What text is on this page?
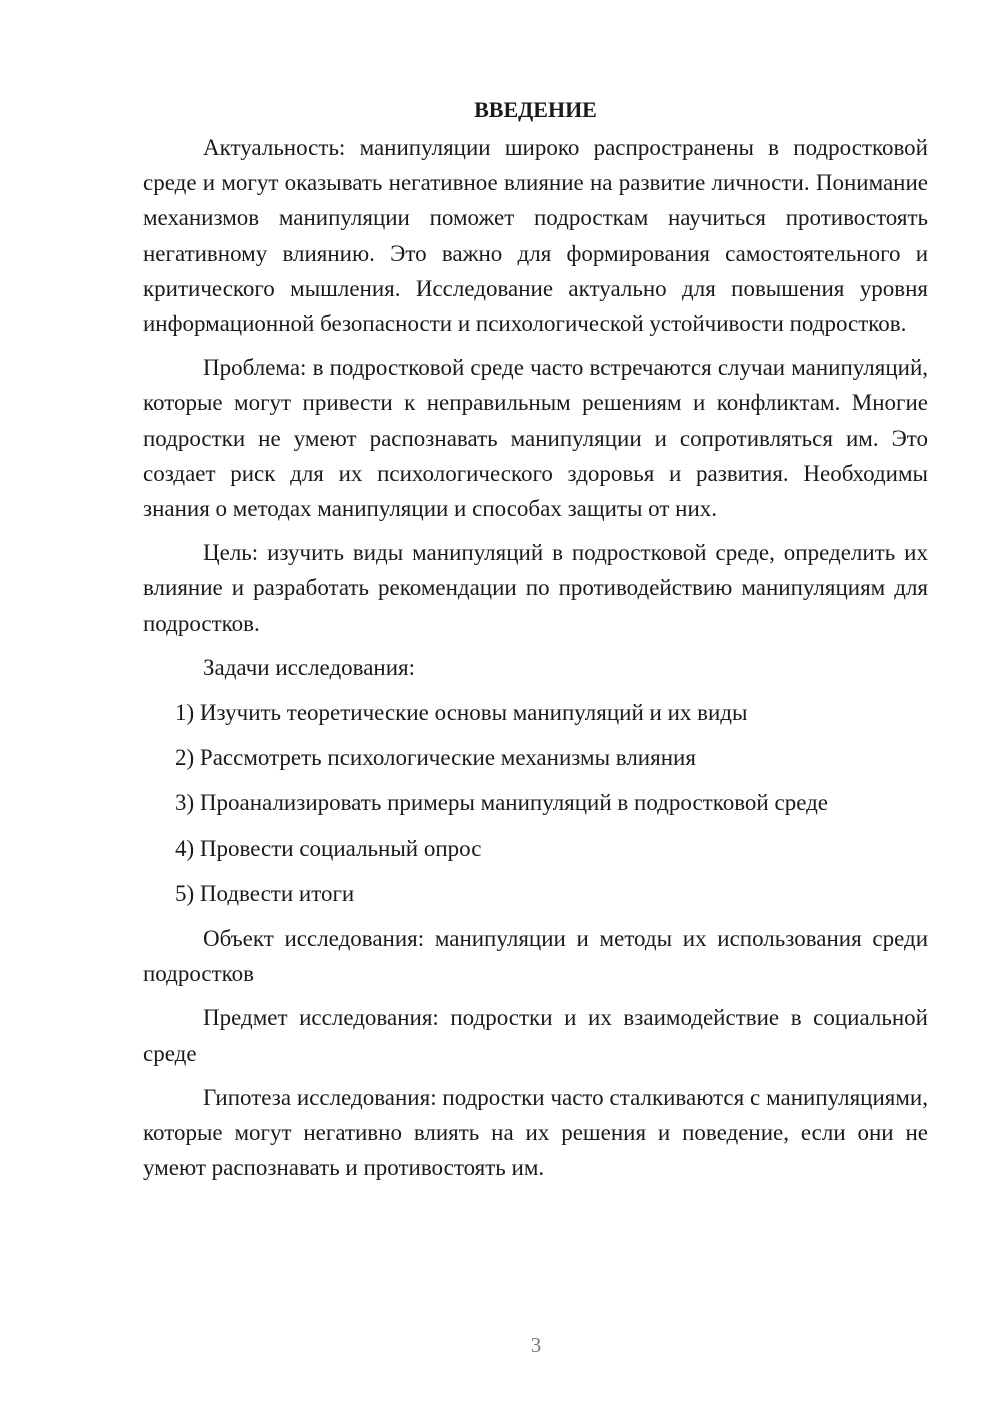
ВВЕДЕНИЕ

Актуальность: манипуляции широко распространены в подростковой среде и могут оказывать негативное влияние на развитие личности. Понимание механизмов манипуляции поможет подросткам научиться противостоять негативному влиянию. Это важно для формирования самостоятельного и критического мышления. Исследование актуально для повышения уровня информационной безопасности и психологической устойчивости подростков.

Проблема: в подростковой среде часто встречаются случаи манипуляций, которые могут привести к неправильным решениям и конфликтам. Многие подростки не умеют распознавать манипуляции и сопротивляться им. Это создает риск для их психологического здоровья и развития. Необходимы знания о методах манипуляции и способах защиты от них.

Цель: изучить виды манипуляций в подростковой среде, определить их влияние и разработать рекомендации по противодействию манипуляциям для подростков.

Задачи исследования:
1) Изучить теоретические основы манипуляций и их виды
2) Рассмотреть психологические механизмы влияния
3) Проанализировать примеры манипуляций в подростковой среде
4) Провести социальный опрос
5) Подвести итоги

Объект исследования: манипуляции и методы их использования среди подростков

Предмет исследования: подростки и их взаимодействие в социальной среде

Гипотеза исследования: подростки часто сталкиваются с манипуляциями, которые могут негативно влиять на их решения и поведение, если они не умеют распознавать и противостоять им.

3
